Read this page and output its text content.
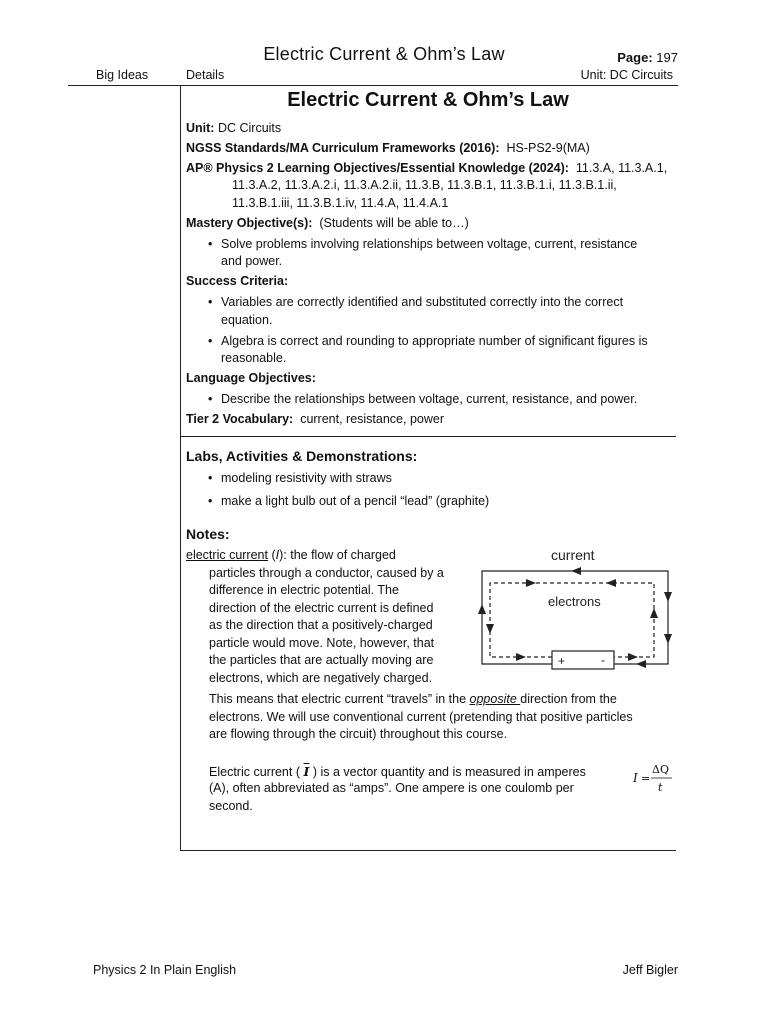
Electric Current & Ohm’s Law	Page: 197
Big Ideas	Details	Unit: DC Circuits
Electric Current & Ohm’s Law
Unit: DC Circuits
NGSS Standards/MA Curriculum Frameworks (2016): HS-PS2-9(MA)
AP® Physics 2 Learning Objectives/Essential Knowledge (2024): 11.3.A, 11.3.A.1,
11.3.A.2, 11.3.A.2.i, 11.3.A.2.ii, 11.3.B, 11.3.B.1, 11.3.B.1.i, 11.3.B.1.ii,
11.3.B.1.iii, 11.3.B.1.iv, 11.4.A, 11.4.A.1
Mastery Objective(s): (Students will be able to…)
• Solve problems involving relationships between voltage, current, resistance
and power.
Success Criteria:
• Variables are correctly identified and substituted correctly into the correct
equation.
• Algebra is correct and rounding to appropriate number of significant figures is
reasonable.
Language Objectives:
• Describe the relationships between voltage, current, resistance, and power.
Tier 2 Vocabulary: current, resistance, power
Labs, Activities & Demonstrations:
• modeling resistivity with straws
• make a light bulb out of a pencil “lead” (graphite)
Notes:
electric current (I): the flow of charged
particles through a conductor, caused by a
difference in electric potential. The
direction of the electric current is defined
as the direction that a positively-charged
particle would move. Note, however, that
the particles that are actually moving are
electrons, which are negatively charged.
This means that electric current “travels” in the opposite direction from the
electrons. We will use conventional current (pretending that positive particles
are flowing through the circuit) throughout this course.
Electric current ( $\overline{I}$ ) is a vector quantity and is measured in amperes
(A), often abbreviated as “amps”. One ampere is one coulomb per
second.
+	-
current
electrons
I =
ΔQ
t
Physics 2 In Plain English	Jeff Bigler
